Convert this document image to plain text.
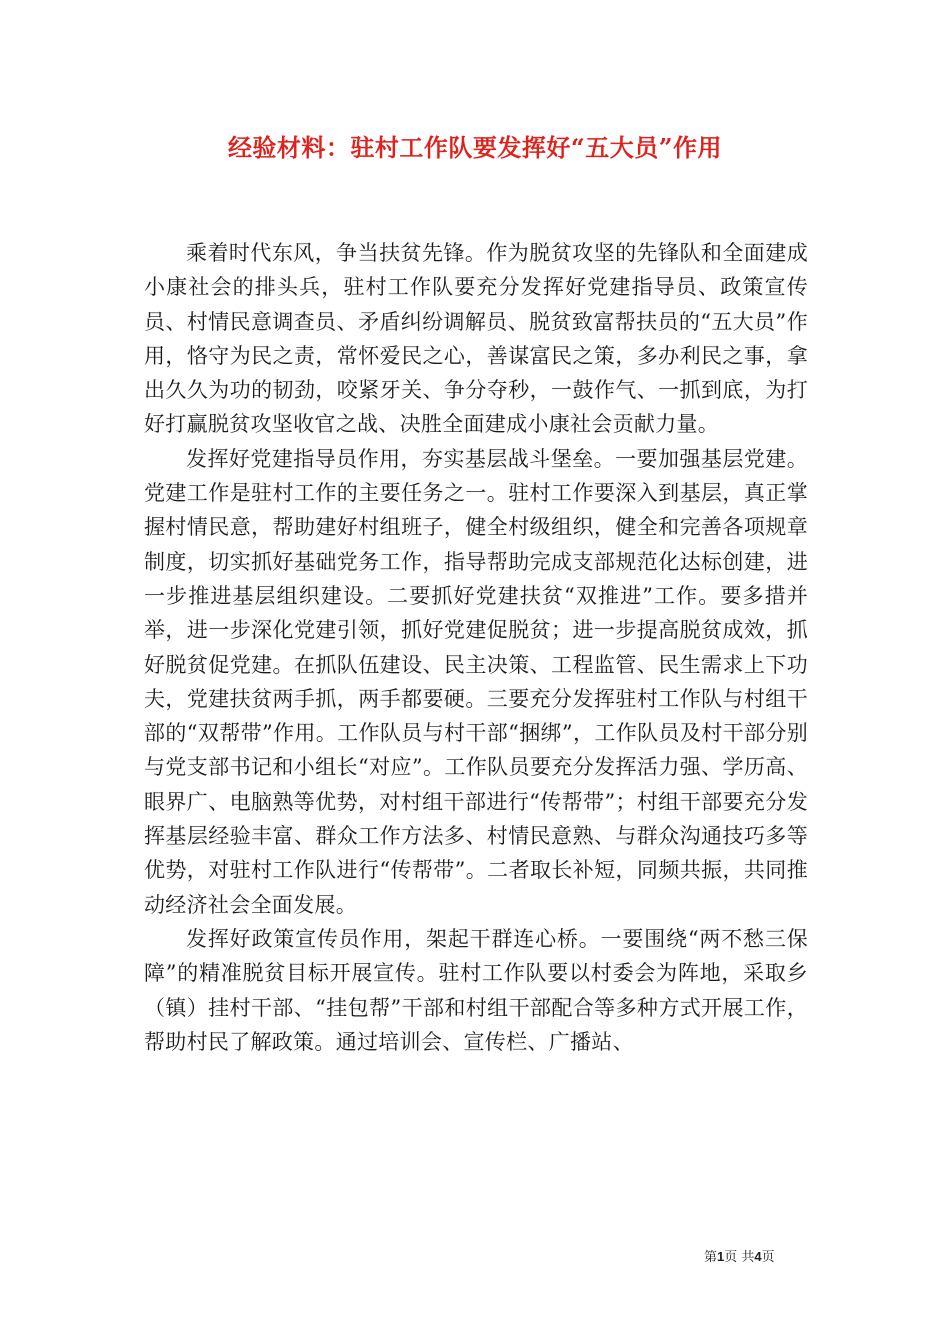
经验材料：驻村工作队要发挥好“五大员”作用

乘着时代东风，争当扶贫先锋。作为脱贫攻坚的先锋队和全面建成小康社会的排头兵，驻村工作队要充分发挥好党建指导员、政策宣传员、村情民意调查员、矛盾纠纷调解员、脱贫致富帮扶员的“五大员”作用，恪守为民之责，常怀爱民之心，善谋富民之策，多办利民之事，拿出久久为功的韧劲，咬紧牙关、争分夺秒，一鼓作气、一抓到底，为打好打赢脱贫攻坚收官之战、决胜全面建成小康社会贡献力量。

发挥好党建指导员作用，夯实基层战斗堡垒。一要加强基层党建。党建工作是驻村工作的主要任务之一。驻村工作要深入到基层，真正掌握村情民意，帮助建好村组班子，健全村级组织，健全和完善各项规章制度，切实抓好基础党务工作，指导帮助完成支部规范化达标创建，进一步推进基层组织建设。二要抓好党建扶贫“双推进”工作。要多措并举，进一步深化党建引领，抓好党建促脱贫；进一步提高脱贫成效，抓好脱贫促党建。在抓队伍建设、民主决策、工程监管、民生需求上下功夫，党建扶贫两手抓，两手都要硬。三要充分发挥驻村工作队与村组干部的“双帮带”作用。工作队员与村干部“捆绑”，工作队员及村干部分别与党支部书记和小组长“对应”。工作队员要充分发挥活力强、学历高、眼界广、电脑熟等优势，对村组干部进行“传帮带”；村组干部要充分发挥基层经验丰富、群众工作方法多、村情民意熟、与群众沟通技巧多等优势，对驻村工作队进行“传帮带”。二者取长补短，同频共振，共同推动经济社会全面发展。

发挥好政策宣传员作用，架起干群连心桥。一要围绕“两不愁三保障”的精准脱贫目标开展宣传。驻村工作队要以村委会为阵地，采取乡（镇）挂村干部、“挂包帮”干部和村组干部配合等多种方式开展工作，帮助村民了解政策。通过培训会、宣传栏、广播站、

第1页 共4页
